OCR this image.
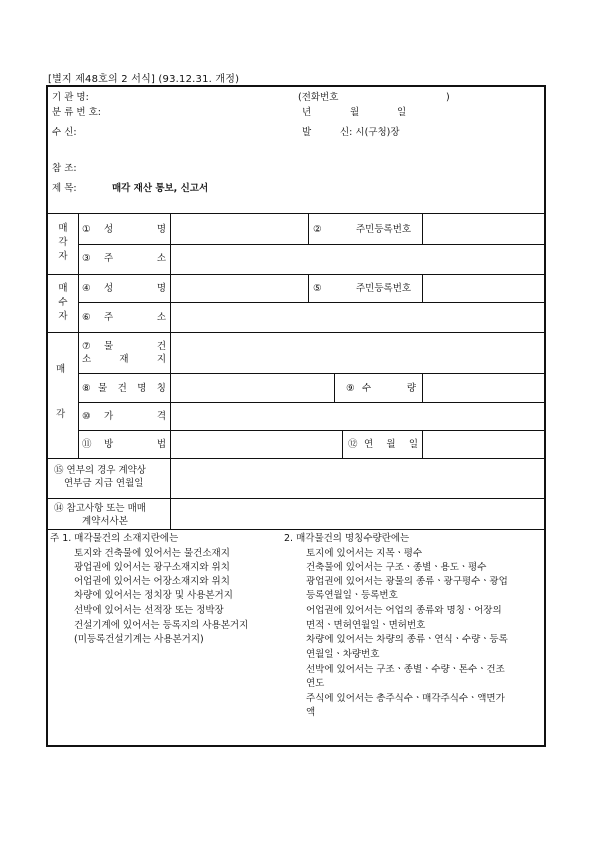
[별지 제48호의 2 서식] (93.12.31. 개정)
기 관 명:	(전화번호	)
분 류 번 호:	년	월	일
수 신:	발	신: 시(구청)장
참 조:
제 목:	매각 재산 통보, 신고서
매각자
① 성	명	②	주민등록번호
③ 주	소
매수자
④ 성	명	⑤	주민등록번호
⑥ 주	소
매
각
⑦ 물	건
소	재	지
⑧ 물 건 명 칭	⑨ 수	량
⑩ 가	격
⑪ 방	법	⑫ 연 월 일
⑮ 연부의 경우 계약상
연부금 지급 연월일
⑭ 참고사항 또는 매매
계약서사본
주 1. 매각물건의 소재지란에는
토지와 건축물에 있어서는 물건소재지
광업권에 있어서는 광구소재지와 위치
어업권에 있어서는 어장소재지와 위치
차량에 있어서는 정치장 및 사용본거지
선박에 있어서는 선적장 또는 정박장
건설기계에 있어서는 등록지의 사용본거지
(미등록건설기계는 사용본거지)
2. 매각물건의 명칭수량란에는
토지에 있어서는 지목ㆍ평수
건축물에 있어서는 구조ㆍ종별ㆍ용도ㆍ평수
광업권에 있어서는 광물의 종류ㆍ광구평수ㆍ광업
등록연월일ㆍ등록번호
어업권에 있어서는 어업의 종류와 명칭ㆍ어장의
면적ㆍ면허연월일ㆍ면허번호
차량에 있어서는 차량의 종류ㆍ연식ㆍ수량ㆍ등록
연월일ㆍ차량번호
선박에 있어서는 구조ㆍ종별ㆍ수량ㆍ톤수ㆍ건조
연도
주식에 있어서는 총주식수ㆍ매각주식수ㆍ액면가
액
